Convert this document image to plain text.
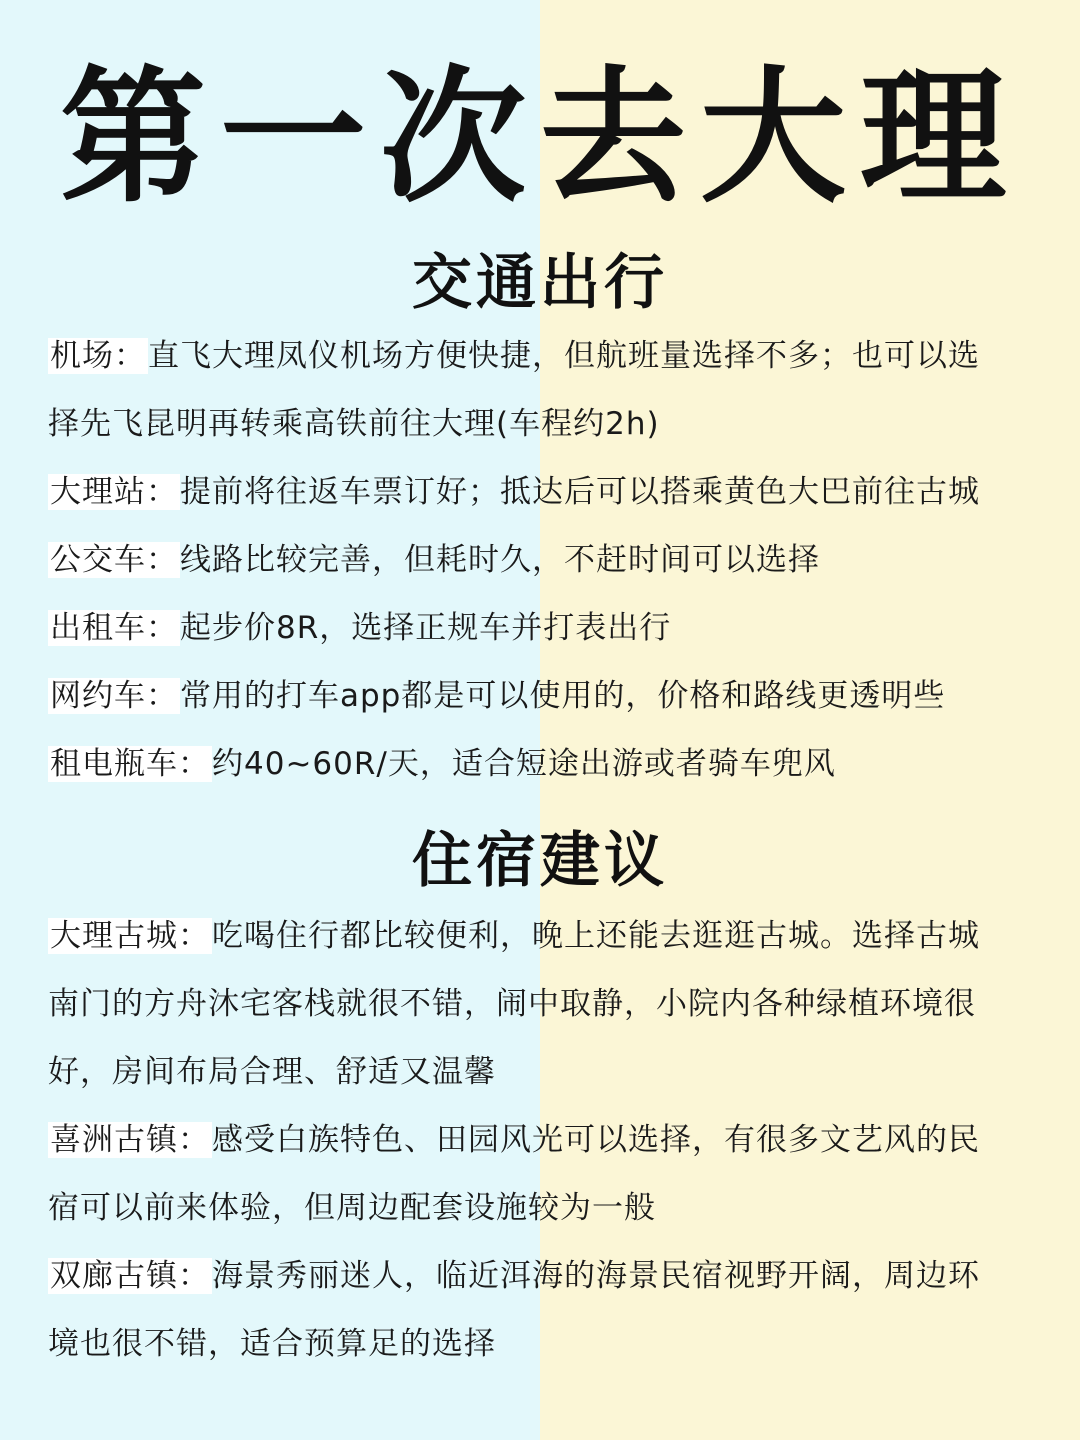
第一次去大理
交通出行
机场：直飞大理凤仪机场方便快捷，但航班量选择不多；也可以选
择先飞昆明再转乘高铁前往大理(车程约2h)
大理站：提前将往返车票订好；抵达后可以搭乘黄色大巴前往古城
公交车：线路比较完善，但耗时久，不赶时间可以选择
出租车：起步价8R，选择正规车并打表出行
网约车：常用的打车app都是可以使用的，价格和路线更透明些
租电瓶车：约40~60R/天，适合短途出游或者骑车兜风
住宿建议
大理古城：吃喝住行都比较便利，晚上还能去逛逛古城。选择古城
南门的方舟沐宅客栈就很不错，闹中取静，小院内各种绿植环境很
好，房间布局合理、舒适又温馨
喜洲古镇：感受白族特色、田园风光可以选择，有很多文艺风的民
宿可以前来体验，但周边配套设施较为一般
双廊古镇：海景秀丽迷人，临近洱海的海景民宿视野开阔，周边环
境也很不错，适合预算足的选择
